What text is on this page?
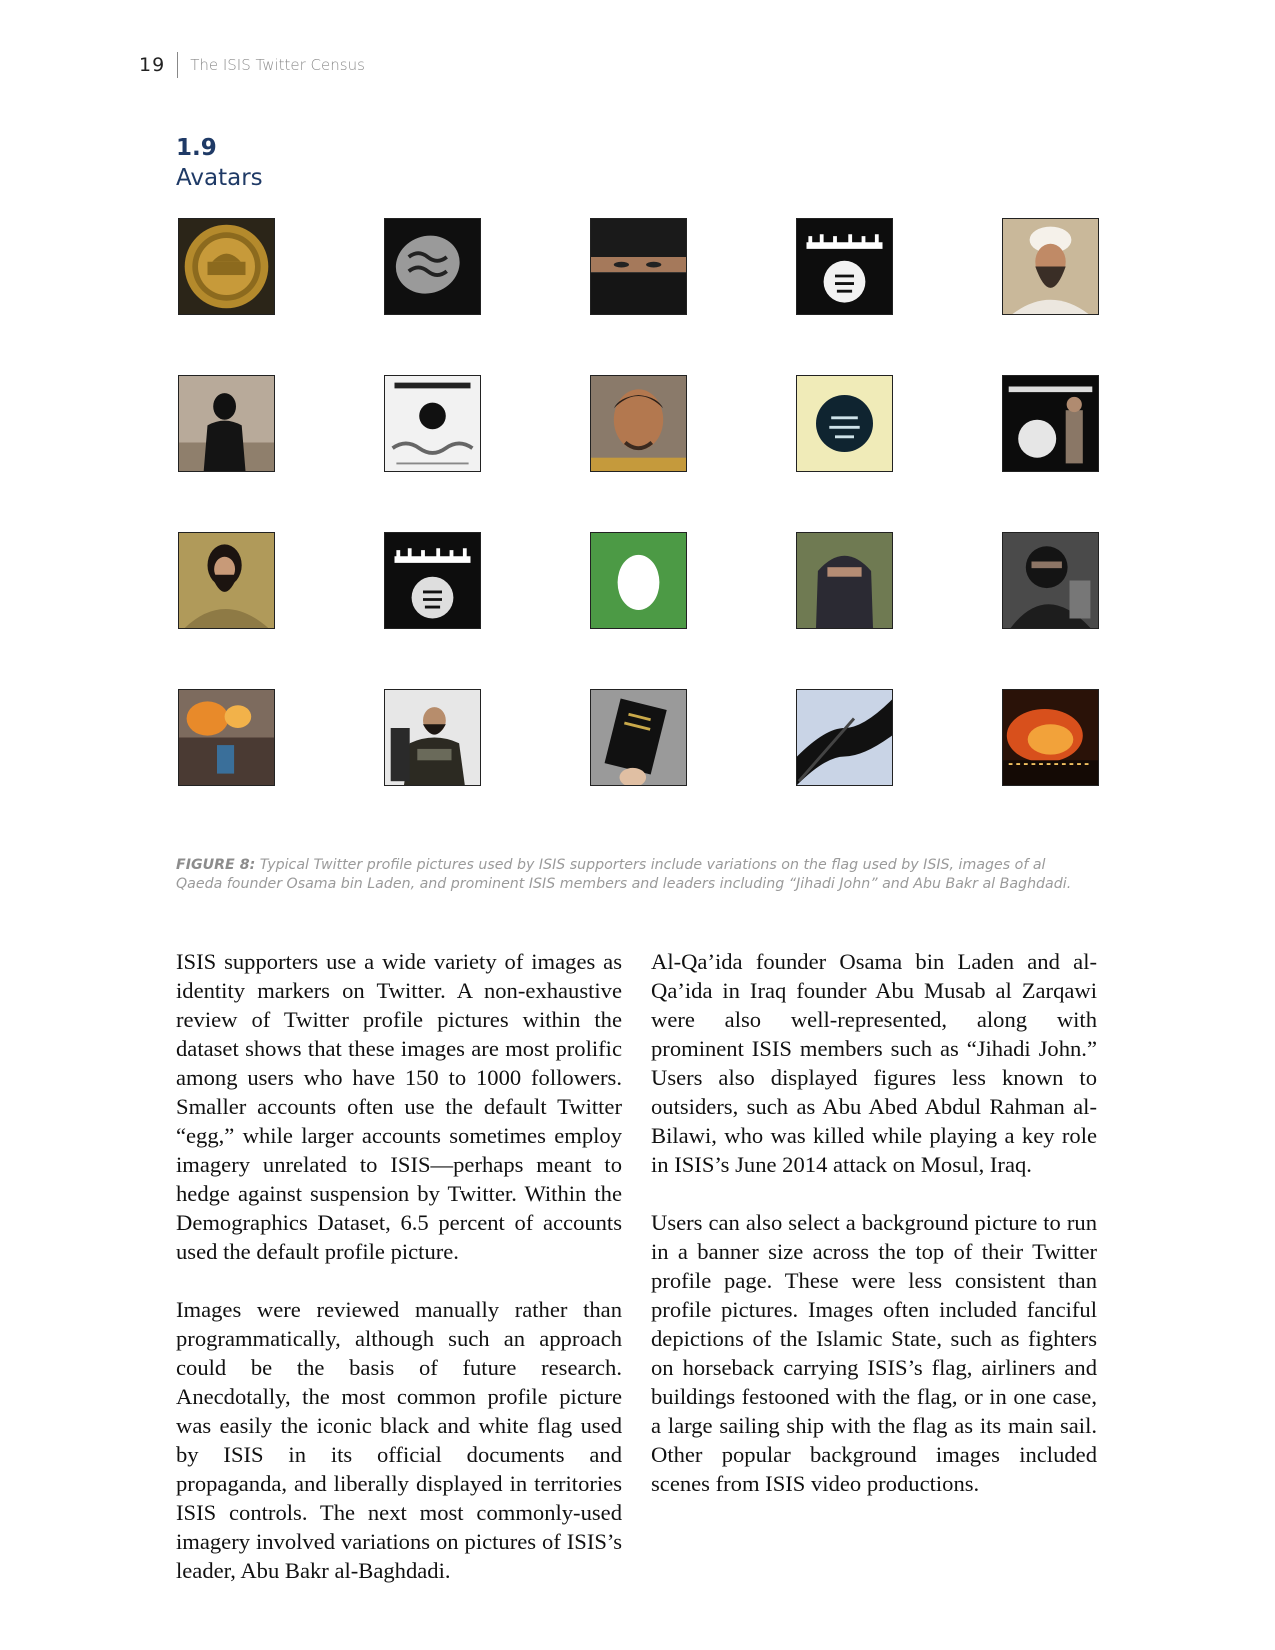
19 The ISIS Twitter Census
1.9
Avatars
FIGURE 8: Typical Twitter profile pictures used by ISIS supporters include variations on the flag used by ISIS, images of al Qaeda founder Osama bin Laden, and prominent ISIS members and leaders including “Jihadi John” and Abu Bakr al Baghdadi.

ISIS supporters use a wide variety of images as identity markers on Twitter. A non-exhaustive review of Twitter profile pictures within the dataset shows that these images are most prolific among users who have 150 to 1000 followers. Smaller accounts often use the default Twitter “egg,” while larger accounts sometimes employ imagery unrelated to ISIS—perhaps meant to hedge against suspension by Twitter. Within the Demographics Dataset, 6.5 percent of accounts used the default profile picture.

Images were reviewed manually rather than programmatically, although such an approach could be the basis of future research. Anecdotally, the most common profile picture was easily the iconic black and white flag used by ISIS in its official documents and propaganda, and liberally displayed in territories ISIS controls. The next most commonly-used imagery involved variations on pictures of ISIS’s leader, Abu Bakr al-Baghdadi.

Al-Qa’ida founder Osama bin Laden and al-Qa’ida in Iraq founder Abu Musab al Zarqawi were also well-represented, along with prominent ISIS members such as “Jihadi John.” Users also displayed figures less known to outsiders, such as Abu Abed Abdul Rahman al-Bilawi, who was killed while playing a key role in ISIS’s June 2014 attack on Mosul, Iraq.

Users can also select a background picture to run in a banner size across the top of their Twitter profile page. These were less consistent than profile pictures. Images often included fanciful depictions of the Islamic State, such as fighters on horseback carrying ISIS’s flag, airliners and buildings festooned with the flag, or in one case, a large sailing ship with the flag as its main sail. Other popular background images included scenes from ISIS video productions.
